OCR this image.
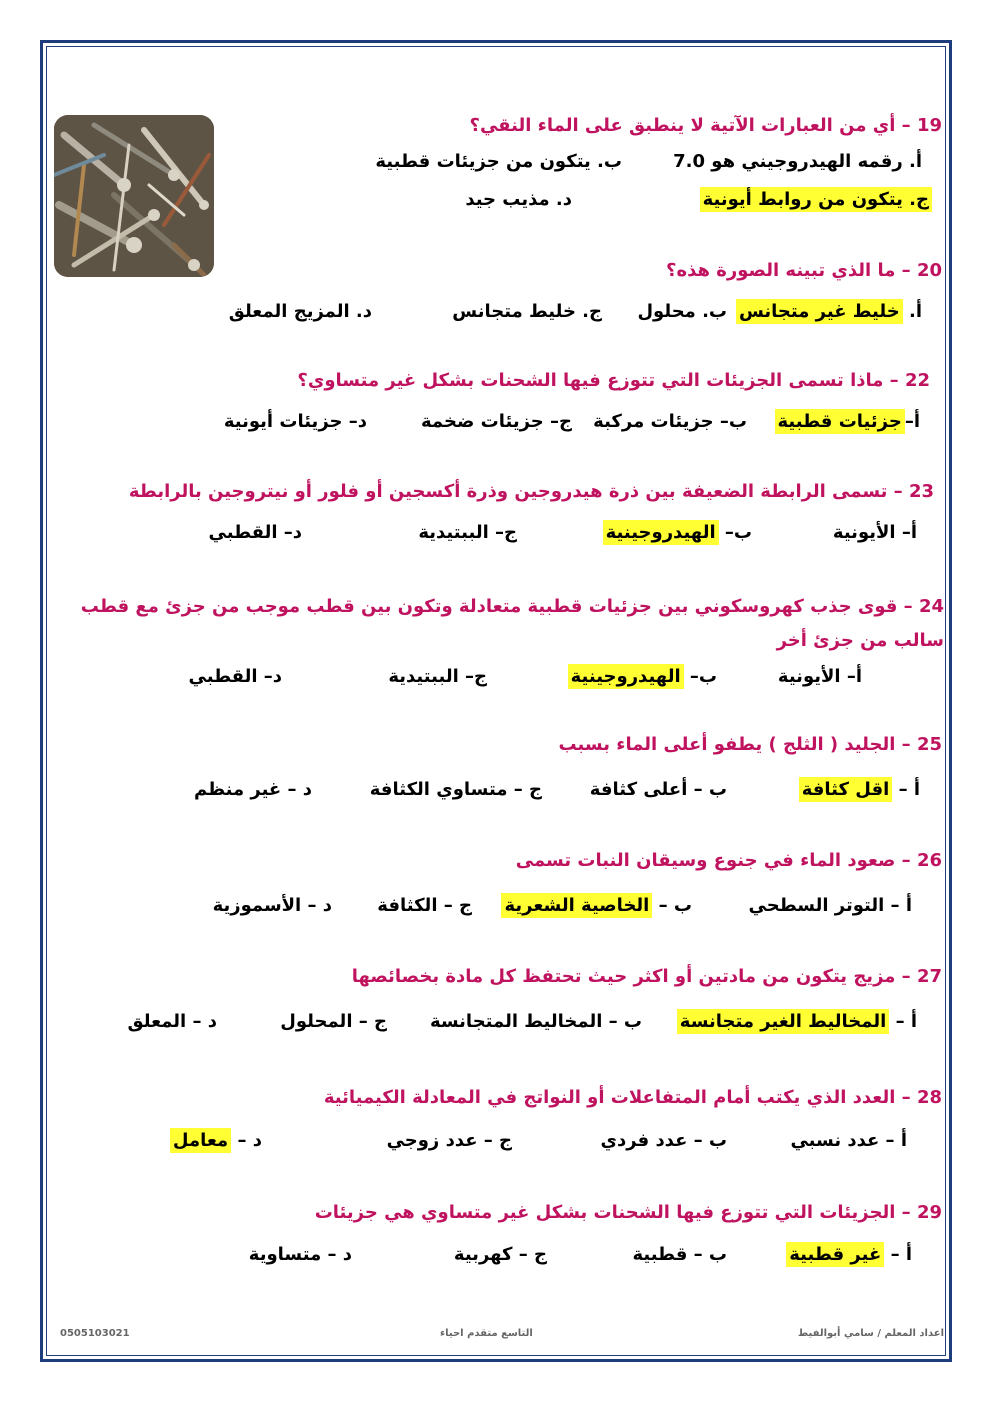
19 – أي من العبارات الآتية لا ينطبق على الماء النقي؟
أ. رقمه الهيدروجيني هو 7.0
ب. يتكون من جزيئات قطبية
ج. يتكون من روابط أيونية
د. مذيب جيد
20 – ما الذي تبينه الصورة هذه؟
أ. خليط غير متجانس
ب. محلول
ج. خليط متجانس
د. المزيج المعلق
22 – ماذا تسمى الجزيئات التي تتوزع فيها الشحنات بشكل غير متساوي؟
أ–جزئيات قطبية
ب– جزيئات مركبة
ج– جزيئات ضخمة
د– جزيئات أيونية
23 – تسمى الرابطة الضعيفة بين ذرة هيدروجين وذرة أكسجين أو فلور أو نيتروجين بالرابطة
أ– الأيونية
ب– الهيدروجينية
ج– الببتيدية
د– القطبي
24 – قوى جذب كهروسكوني بين جزئيات قطبية متعادلة وتكون بين قطب موجب من جزئ مع قطب سالب من جزئ أخر
أ– الأيونية
ب– الهيدروجينية
ج– الببتيدية
د– القطبي
25 – الجليد ( الثلج ) يطفو أعلى الماء بسبب
أ – اقل كثافة
ب – أعلى كثافة
ج – متساوي الكثافة
د – غير منظم
26 – صعود الماء في جنوع وسيقان النبات تسمى
أ – التوتر السطحي
ب – الخاصية الشعرية
ج – الكثافة
د – الأسموزية
27 – مزيج يتكون من مادتين أو اكثر حيث تحتفظ كل مادة بخصائصها
أ – المخاليط الغير متجانسة
ب – المخاليط المتجانسة
ج – المحلول
د – المعلق
28 – العدد الذي يكتب أمام المتفاعلات أو النواتج في المعادلة الكيميائية
أ – عدد نسبي
ب – عدد فردي
ج – عدد زوجي
د – معامل
29 – الجزيئات التي تتوزع فيها الشحنات بشكل غير متساوي هي جزيئات
أ – غير قطبية
ب – قطبية
ج – كهربية
د – متساوية
اعداد المعلم / سامي أبوالفيط
التاسع متقدم احياء
0505103021
